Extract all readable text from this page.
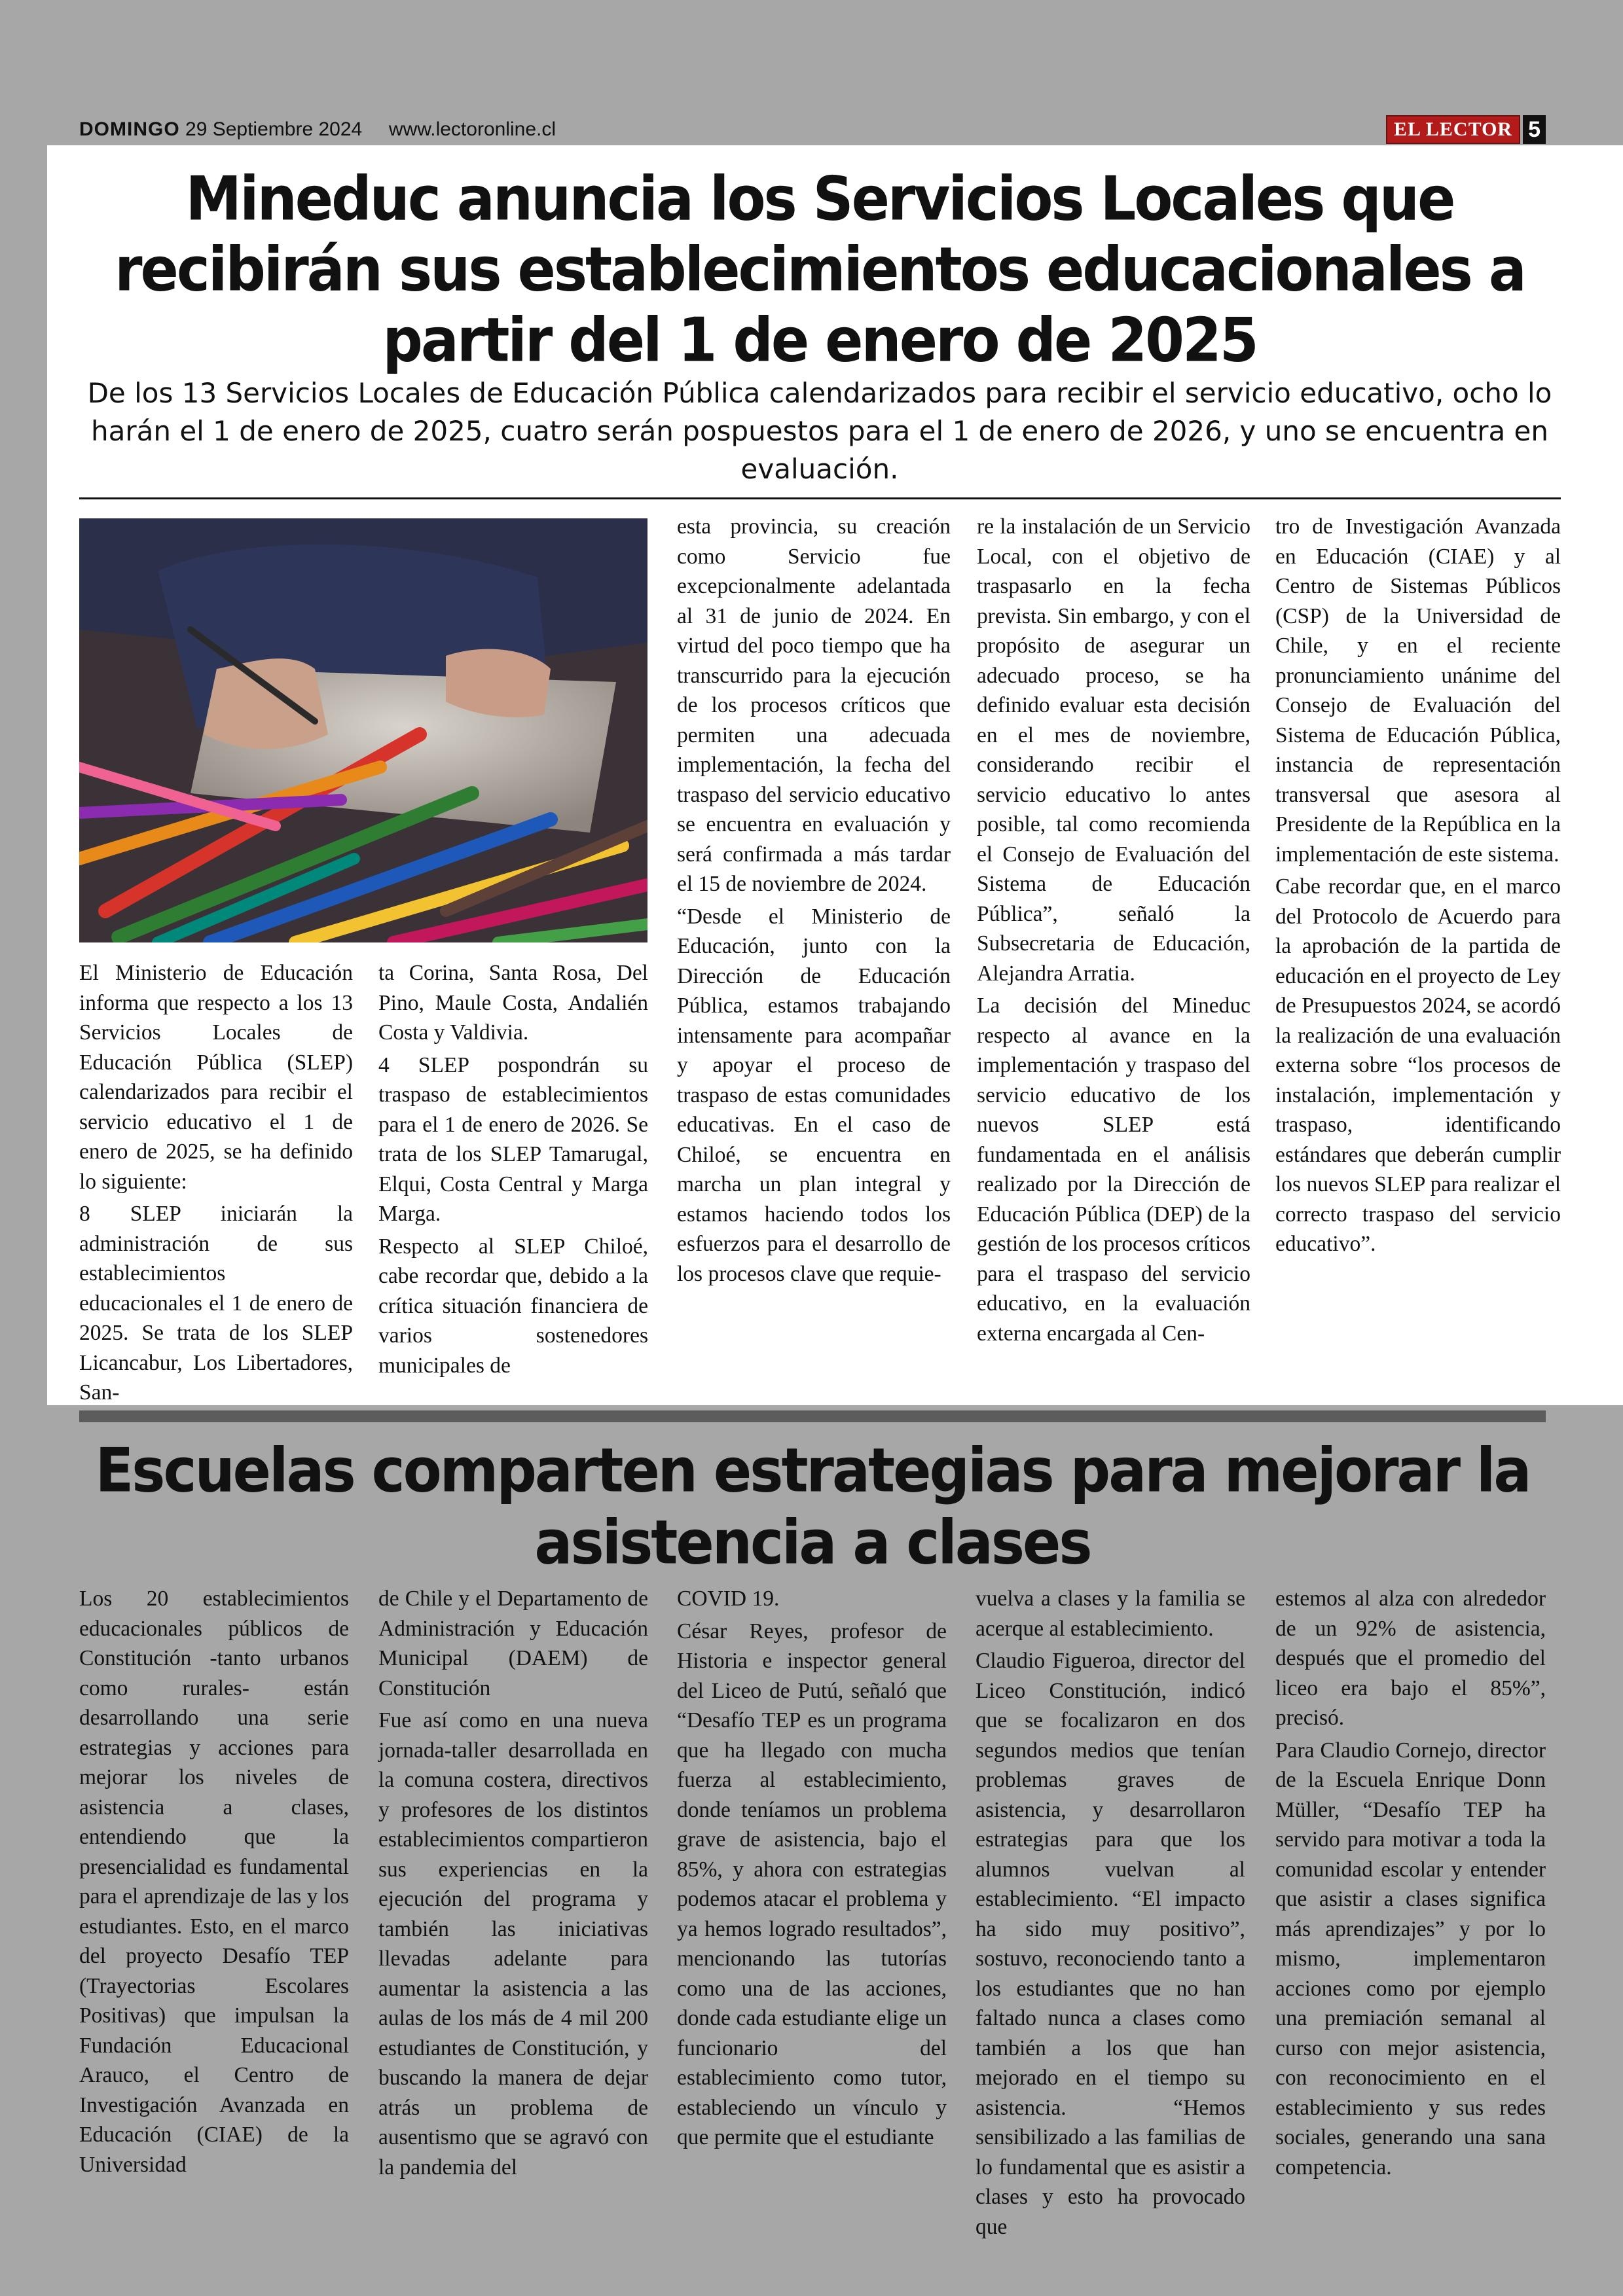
DOMINGO 29 Septiembre 2024 www.lectoronline.cl	EL LECTOR 5
Mineduc anuncia los Servicios Locales que recibirán sus establecimientos educacionales a partir del 1 de enero de 2025
De los 13 Servicios Locales de Educación Pública calendarizados para recibir el servicio educativo, ocho lo harán el 1 de enero de 2025, cuatro serán pospuestos para el 1 de enero de 2026, y uno se encuentra en evaluación.

El Ministerio de Educación informa que respecto a los 13 Servicios Locales de Educación Pública (SLEP) calendarizados para recibir el servicio educativo el 1 de enero de 2025, se ha definido lo siguiente:

8 SLEP iniciarán la administración de sus establecimientos educacionales el 1 de enero de 2025. Se trata de los SLEP Licancabur, Los Libertadores, San-

ta Corina, Santa Rosa, Del Pino, Maule Costa, Andalién Costa y Valdivia.

4 SLEP pospondrán su traspaso de establecimientos para el 1 de enero de 2026. Se trata de los SLEP Tamarugal, Elqui, Costa Central y Marga Marga.

Respecto al SLEP Chiloé, cabe recordar que, debido a la crítica situación financiera de varios sostenedores municipales de

esta provincia, su creación como Servicio fue excepcionalmente adelantada al 31 de junio de 2024. En virtud del poco tiempo que ha transcurrido para la ejecución de los procesos críticos que permiten una adecuada implementación, la fecha del traspaso del servicio educativo se encuentra en evaluación y será confirmada a más tardar el 15 de noviembre de 2024.

“Desde el Ministerio de Educación, junto con la Dirección de Educación Pública, estamos trabajando intensamente para acompañar y apoyar el proceso de traspaso de estas comunidades educativas. En el caso de Chiloé, se encuentra en marcha un plan integral y estamos haciendo todos los esfuerzos para el desarrollo de los procesos clave que requie-

re la instalación de un Servicio Local, con el objetivo de traspasarlo en la fecha prevista. Sin embargo, y con el propósito de asegurar un adecuado proceso, se ha definido evaluar esta decisión en el mes de noviembre, considerando recibir el servicio educativo lo antes posible, tal como recomienda el Consejo de Evaluación del Sistema de Educación Pública”, señaló la Subsecretaria de Educación, Alejandra Arratia.

La decisión del Mineduc respecto al avance en la implementación y traspaso del servicio educativo de los nuevos SLEP está fundamentada en el análisis realizado por la Dirección de Educación Pública (DEP) de la gestión de los procesos críticos para el traspaso del servicio educativo, en la evaluación externa encargada al Cen-

tro de Investigación Avanzada en Educación (CIAE) y al Centro de Sistemas Públicos (CSP) de la Universidad de Chile, y en el reciente pronunciamiento unánime del Consejo de Evaluación del Sistema de Educación Pública, instancia de representación transversal que asesora al Presidente de la República en la implementación de este sistema.

Cabe recordar que, en el marco del Protocolo de Acuerdo para la aprobación de la partida de educación en el proyecto de Ley de Presupuestos 2024, se acordó la realización de una evaluación externa sobre “los procesos de instalación, implementación y traspaso, identificando estándares que deberán cumplir los nuevos SLEP para realizar el correcto traspaso del servicio educativo”.

Escuelas comparten estrategias para mejorar la asistencia a clases

Los 20 establecimientos educacionales públicos de Constitución -tanto urbanos como rurales- están desarrollando una serie estrategias y acciones para mejorar los niveles de asistencia a clases, entendiendo que la presencialidad es fundamental para el aprendizaje de las y los estudiantes. Esto, en el marco del proyecto Desafío TEP (Trayectorias Escolares Positivas) que impulsan la Fundación Educacional Arauco, el Centro de Investigación Avanzada en Educación (CIAE) de la Universidad

de Chile y el Departamento de Administración y Educación Municipal (DAEM) de Constitución

Fue así como en una nueva jornada-taller desarrollada en la comuna costera, directivos y profesores de los distintos establecimientos compartieron sus experiencias en la ejecución del programa y también las iniciativas llevadas adelante para aumentar la asistencia a las aulas de los más de 4 mil 200 estudiantes de Constitución, y buscando la manera de dejar atrás un problema de ausentismo que se agravó con la pandemia del

COVID 19.

César Reyes, profesor de Historia e inspector general del Liceo de Putú, señaló que “Desafío TEP es un programa que ha llegado con mucha fuerza al establecimiento, donde teníamos un problema grave de asistencia, bajo el 85%, y ahora con estrategias podemos atacar el problema y ya hemos logrado resultados”, mencionando las tutorías como una de las acciones, donde cada estudiante elige un funcionario del establecimiento como tutor, estableciendo un vínculo y que permite que el estudiante

vuelva a clases y la familia se acerque al establecimiento.

Claudio Figueroa, director del Liceo Constitución, indicó que se focalizaron en dos segundos medios que tenían problemas graves de asistencia, y desarrollaron estrategias para que los alumnos vuelvan al establecimiento. “El impacto ha sido muy positivo”, sostuvo, reconociendo tanto a los estudiantes que no han faltado nunca a clases como también a los que han mejorado en el tiempo su asistencia. “Hemos sensibilizado a las familias de lo fundamental que es asistir a clases y esto ha provocado que

estemos al alza con alrededor de un 92% de asistencia, después que el promedio del liceo era bajo el 85%”, precisó.

Para Claudio Cornejo, director de la Escuela Enrique Donn Müller, “Desafío TEP ha servido para motivar a toda la comunidad escolar y entender que asistir a clases significa más aprendizajes” y por lo mismo, implementaron acciones como por ejemplo una premiación semanal al curso con mejor asistencia, con reconocimiento en el establecimiento y sus redes sociales, generando una sana competencia.
